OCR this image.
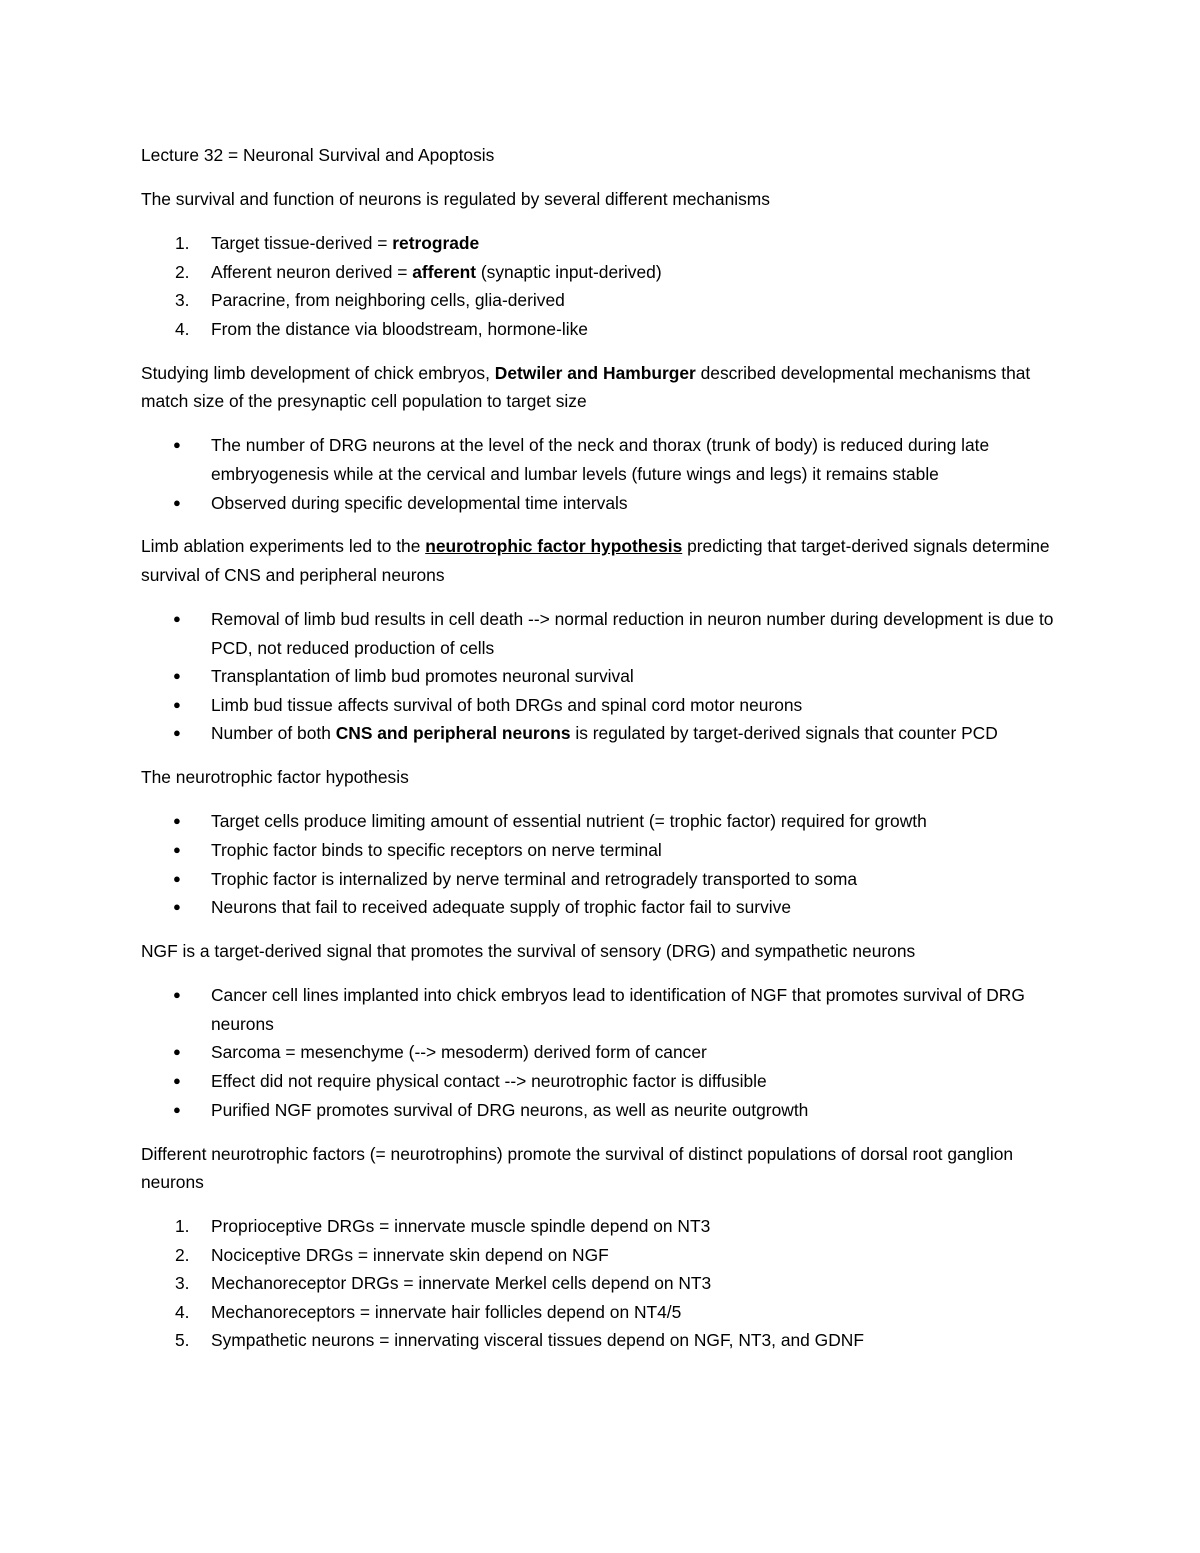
Lecture 32 = Neuronal Survival and Apoptosis

The survival and function of neurons is regulated by several different mechanisms

1.	Target tissue-derived = retrograde
2.	Afferent neuron derived = afferent (synaptic input-derived)
3.	Paracrine, from neighboring cells, glia-derived
4.	From the distance via bloodstream, hormone-like

Studying limb development of chick embryos, Detwiler and Hamburger described developmental mechanisms that match size of the presynaptic cell population to target size

●	The number of DRG neurons at the level of the neck and thorax (trunk of body) is reduced during late embryogenesis while at the cervical and lumbar levels (future wings and legs) it remains stable
●	Observed during specific developmental time intervals

Limb ablation experiments led to the neurotrophic factor hypothesis predicting that target-derived signals determine survival of CNS and peripheral neurons

●	Removal of limb bud results in cell death --> normal reduction in neuron number during development is due to PCD, not reduced production of cells
●	Transplantation of limb bud promotes neuronal survival
●	Limb bud tissue affects survival of both DRGs and spinal cord motor neurons
●	Number of both CNS and peripheral neurons is regulated by target-derived signals that counter PCD

The neurotrophic factor hypothesis

●	Target cells produce limiting amount of essential nutrient (= trophic factor) required for growth
●	Trophic factor binds to specific receptors on nerve terminal
●	Trophic factor is internalized by nerve terminal and retrogradely transported to soma
●	Neurons that fail to received adequate supply of trophic factor fail to survive

NGF is a target-derived signal that promotes the survival of sensory (DRG) and sympathetic neurons

●	Cancer cell lines implanted into chick embryos lead to identification of NGF that promotes survival of DRG neurons
●	Sarcoma = mesenchyme (--> mesoderm) derived form of cancer
●	Effect did not require physical contact --> neurotrophic factor is diffusible
●	Purified NGF promotes survival of DRG neurons, as well as neurite outgrowth

Different neurotrophic factors (= neurotrophins) promote the survival of distinct populations of dorsal root ganglion neurons

1.	Proprioceptive DRGs = innervate muscle spindle depend on NT3
2.	Nociceptive DRGs = innervate skin depend on NGF
3.	Mechanoreceptor DRGs = innervate Merkel cells depend on NT3
4.	Mechanoreceptors = innervate hair follicles depend on NT4/5
5.	Sympathetic neurons = innervating visceral tissues depend on NGF, NT3, and GDNF
